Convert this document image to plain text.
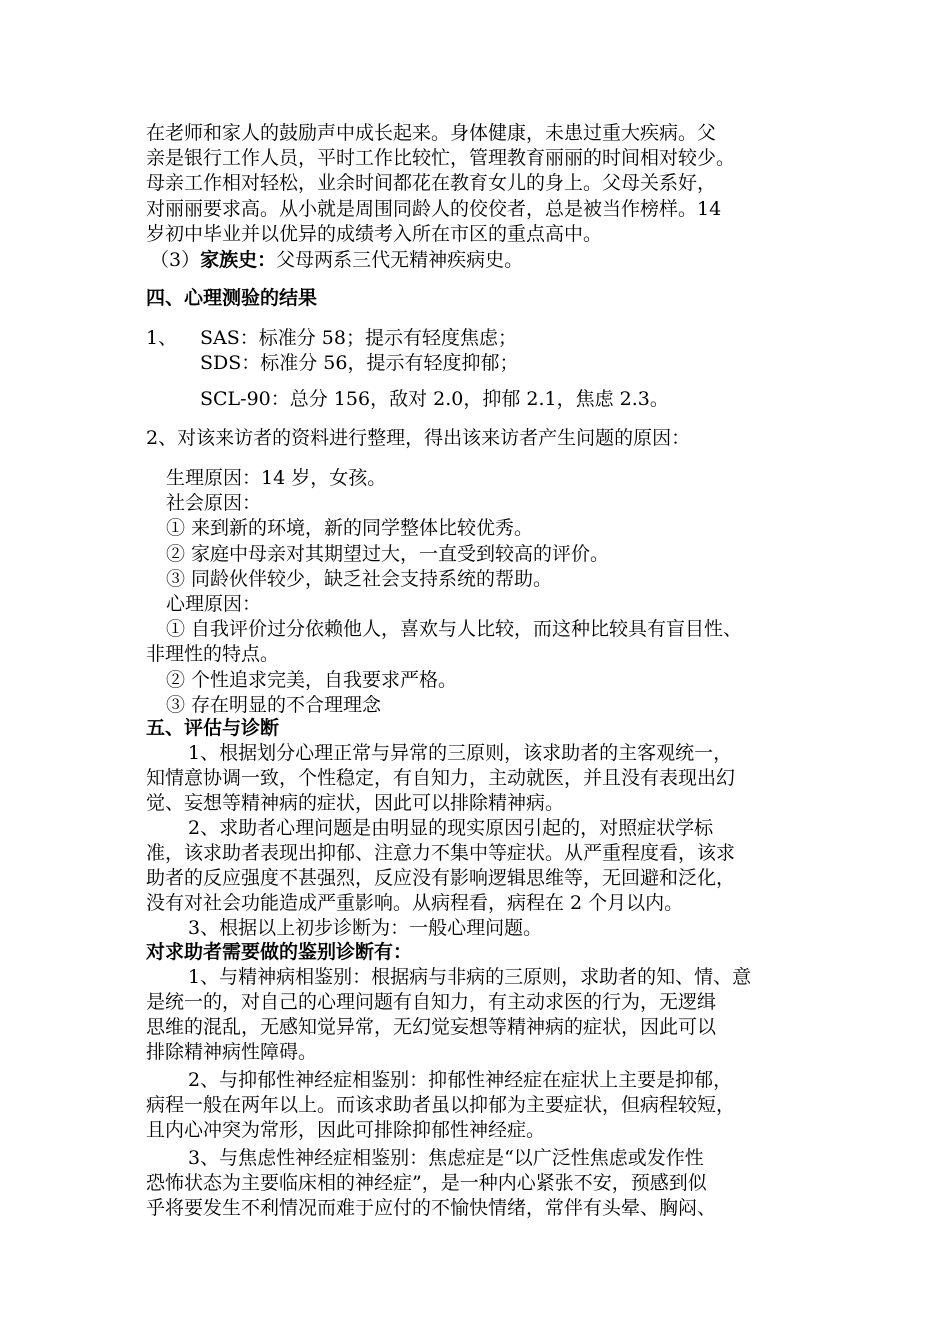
在老师和家人的鼓励声中成长起来。身体健康，未患过重大疾病。父
亲是银行工作人员，平时工作比较忙，管理教育丽丽的时间相对较少。
母亲工作相对轻松，业余时间都花在教育女儿的身上。父母关系好，
对丽丽要求高。从小就是周围同龄人的佼佼者，总是被当作榜样。14
岁初中毕业并以优异的成绩考入所在市区的重点高中。
（3）家族史：父母两系三代无精神疾病史。
四、心理测验的结果
1、 SAS：标准分 58；提示有轻度焦虑；
SDS：标准分 56，提示有轻度抑郁；
SCL-90：总分 156，敌对 2.0，抑郁 2.1，焦虑 2.3。
2、对该来访者的资料进行整理，得出该来访者产生问题的原因：
生理原因：14 岁，女孩。
社会原因：
① 来到新的环境，新的同学整体比较优秀。
② 家庭中母亲对其期望过大，一直受到较高的评价。
③ 同龄伙伴较少，缺乏社会支持系统的帮助。
心理原因：
① 自我评价过分依赖他人，喜欢与人比较，而这种比较具有盲目性、
非理性的特点。
② 个性追求完美，自我要求严格。
③ 存在明显的不合理理念
五、评估与诊断
1、根据划分心理正常与异常的三原则，该求助者的主客观统一，
知情意协调一致，个性稳定，有自知力，主动就医，并且没有表现出幻
觉、妄想等精神病的症状，因此可以排除精神病。
2、求助者心理问题是由明显的现实原因引起的，对照症状学标
准，该求助者表现出抑郁、注意力不集中等症状。从严重程度看，该求
助者的反应强度不甚强烈，反应没有影响逻辑思维等，无回避和泛化，
没有对社会功能造成严重影响。从病程看，病程在 2 个月以内。
3、根据以上初步诊断为：一般心理问题。
对求助者需要做的鉴别诊断有：
1、与精神病相鉴别：根据病与非病的三原则，求助者的知、情、意
是统一的，对自己的心理问题有自知力，有主动求医的行为，无逻缉
思维的混乱，无感知觉异常，无幻觉妄想等精神病的症状，因此可以
排除精神病性障碍。
2、与抑郁性神经症相鉴别：抑郁性神经症在症状上主要是抑郁，
病程一般在两年以上。而该求助者虽以抑郁为主要症状，但病程较短，
且内心冲突为常形，因此可排除抑郁性神经症。
3、与焦虑性神经症相鉴别：焦虑症是“以广泛性焦虑或发作性
恐怖状态为主要临床相的神经症”，是一种内心紧张不安，预感到似
乎将要发生不利情况而难于应付的不愉快情绪，常伴有头晕、胸闷、
